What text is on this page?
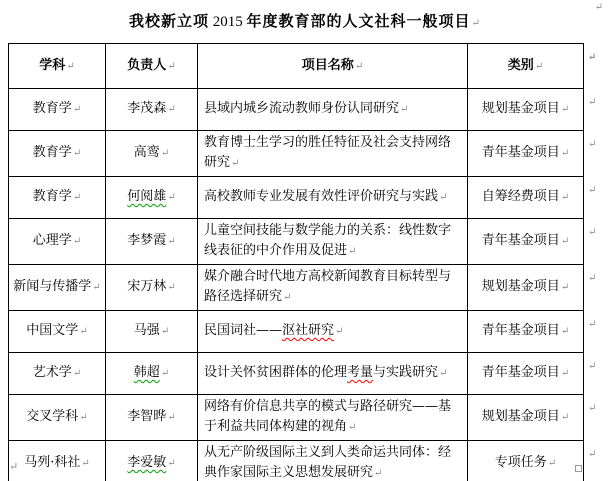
我校新立项 2015 年度教育部的人文社科一般项目↵
↵
学科↵	负责人↵	项目名称↵	类别↵	↵
教育学↵	李茂森↵	县域内城乡流动教师身份认同研究↵	规划基金项目↵	↵
教育学↵	高鸾↵	教育博士生学习的胜任特征及社会支持网络研究↵	青年基金项目↵	↵
教育学↵	何阅雄↵	高校教师专业发展有效性评价研究与实践↵	自筹经费项目↵	↵
心理学↵	李梦霞↵	儿童空间技能与数学能力的关系：线性数字线表征的中介作用及促进↵	青年基金项目↵	↵
新闻与传播学↵	宋万林↵	媒介融合时代地方高校新闻教育目标转型与路径选择研究↵	规划基金项目↵	↵
中国文学↵	马强↵	民国词社——沤社研究↵	青年基金项目↵	↵
艺术学↵	韩超↵	设计关怀贫困群体的伦理考量与实践研究↵	青年基金项目↵	↵
交叉学科↵	李智晔↵	网络有价信息共享的模式与路径研究——基于利益共同体构建的视角↵	规划基金项目↵	↵
马列·科社↵	李爱敏↵	从无产阶级国际主义到人类命运共同体：经典作家国际主义思想发展研究↵	专项任务↵	↵
↵
